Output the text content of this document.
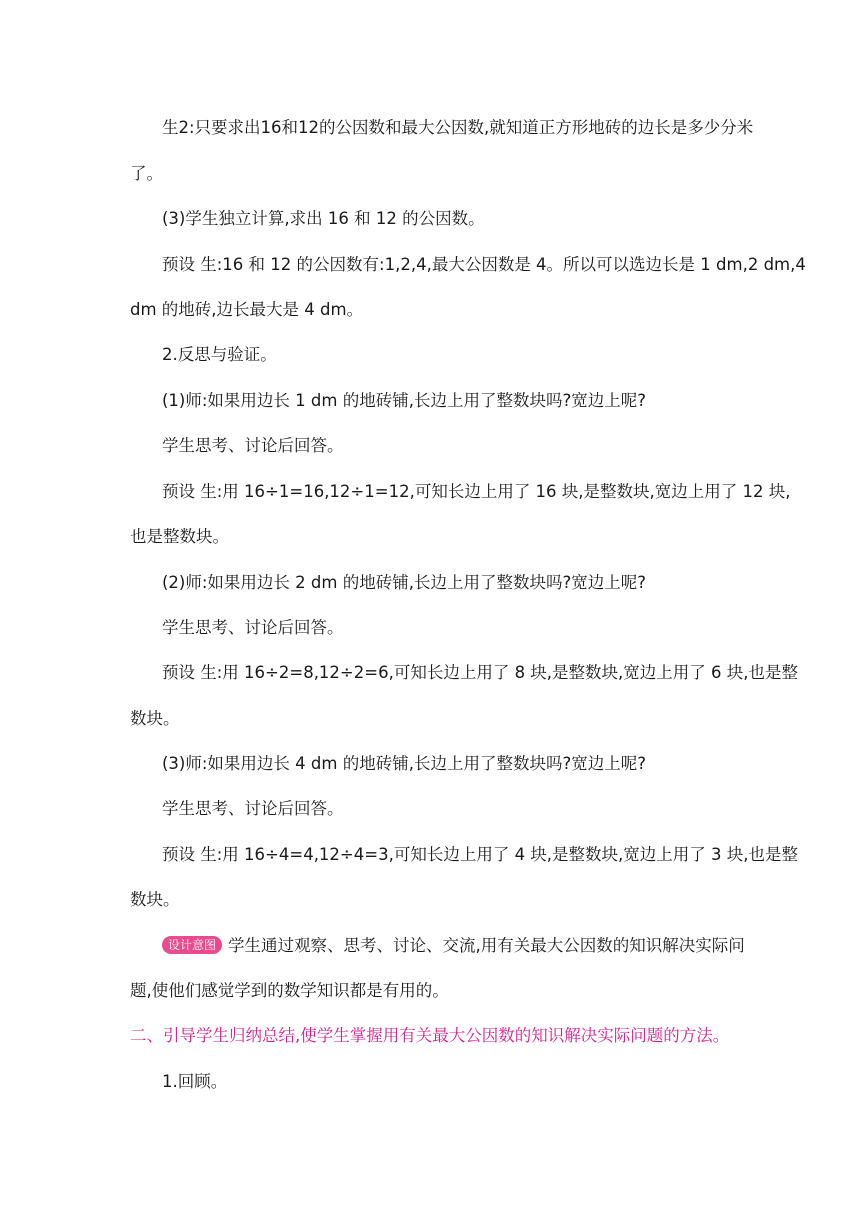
生2:只要求出16和12的公因数和最大公因数,就知道正方形地砖的边长是多少分米
了。
(3)学生独立计算,求出 16 和 12 的公因数。
预设 生:16 和 12 的公因数有:1,2,4,最大公因数是 4。所以可以选边长是 1 dm,2 dm,4
dm 的地砖,边长最大是 4 dm。
2.反思与验证。
(1)师:如果用边长 1 dm 的地砖铺,长边上用了整数块吗?宽边上呢?
学生思考、讨论后回答。
预设 生:用 16÷1=16,12÷1=12,可知长边上用了 16 块,是整数块,宽边上用了 12 块,
也是整数块。
(2)师:如果用边长 2 dm 的地砖铺,长边上用了整数块吗?宽边上呢?
学生思考、讨论后回答。
预设 生:用 16÷2=8,12÷2=6,可知长边上用了 8 块,是整数块,宽边上用了 6 块,也是整
数块。
(3)师:如果用边长 4 dm 的地砖铺,长边上用了整数块吗?宽边上呢?
学生思考、讨论后回答。
预设 生:用 16÷4=4,12÷4=3,可知长边上用了 4 块,是整数块,宽边上用了 3 块,也是整
数块。
设计意图 学生通过观察、思考、讨论、交流,用有关最大公因数的知识解决实际问
题,使他们感觉学到的数学知识都是有用的。
二、引导学生归纳总结,使学生掌握用有关最大公因数的知识解决实际问题的方法。
1.回顾。
